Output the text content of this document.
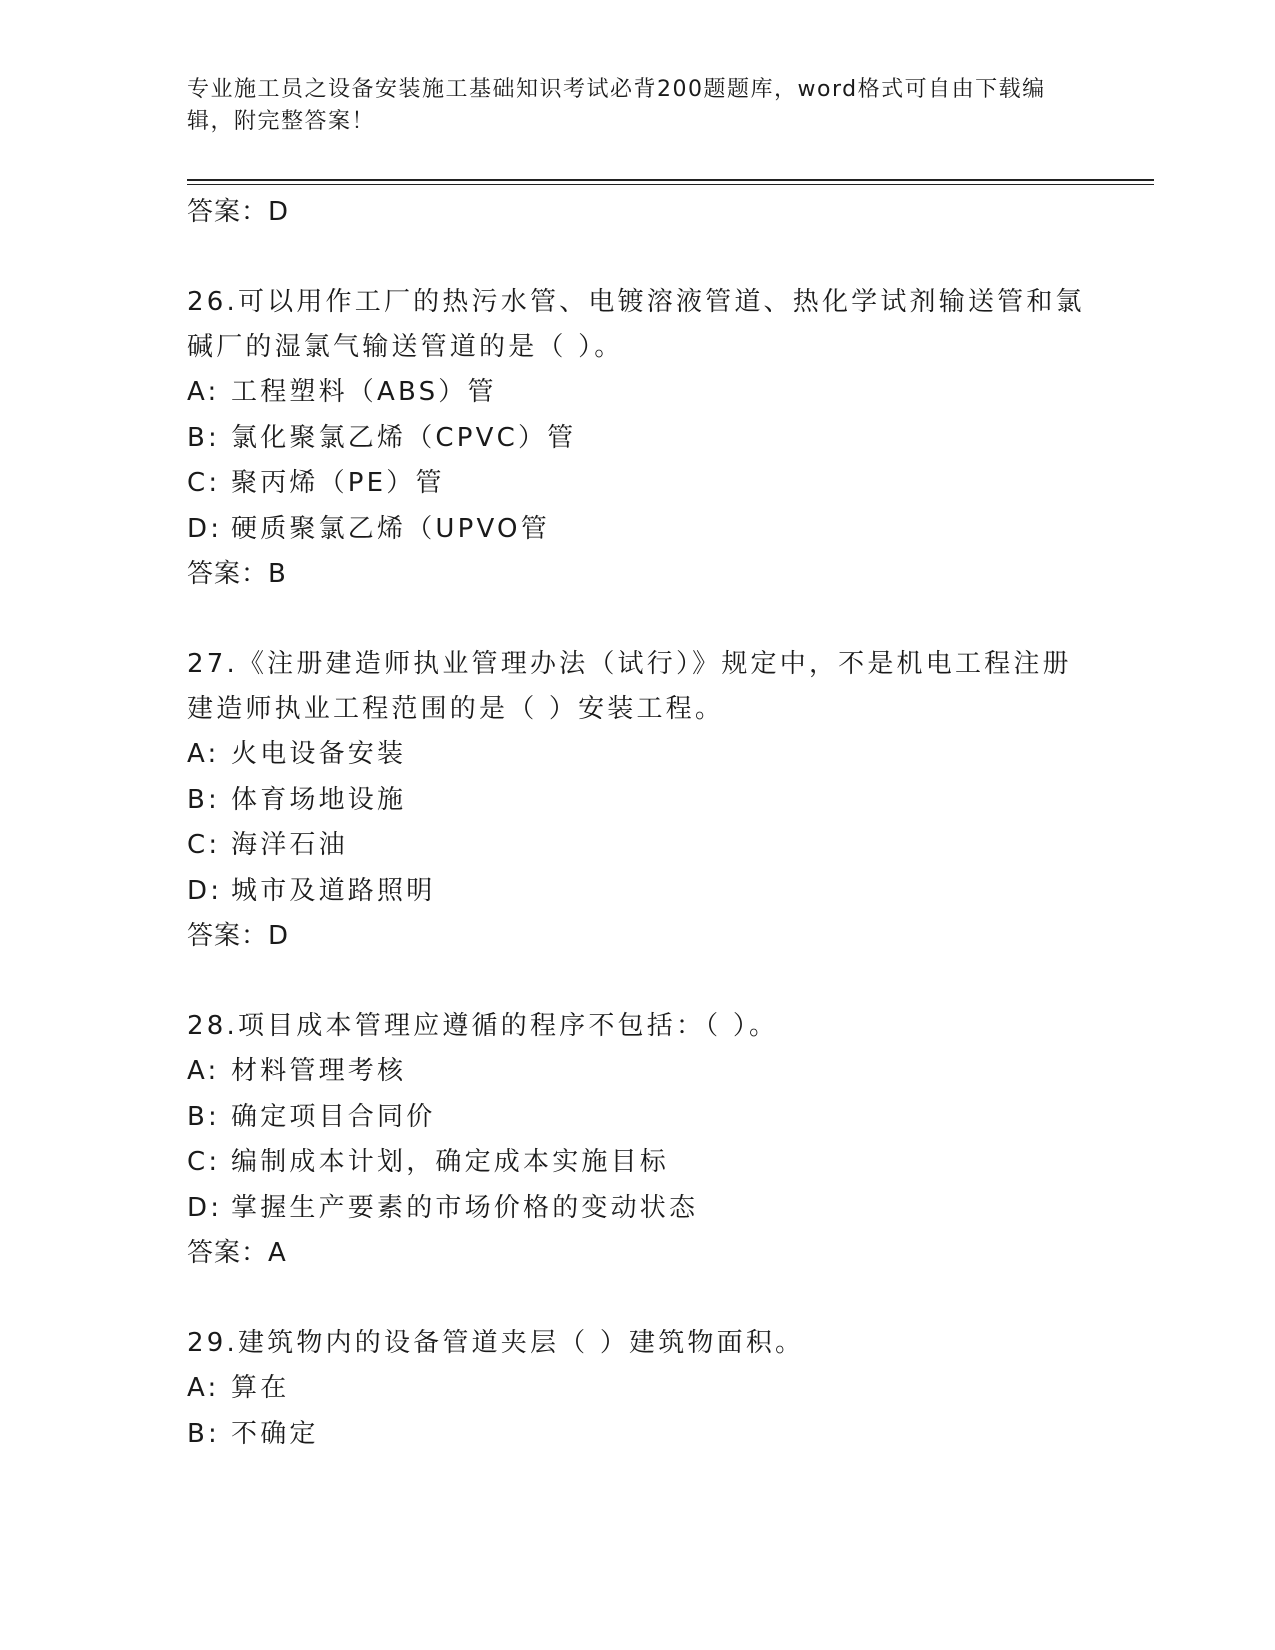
专业施工员之设备安装施工基础知识考试必背200题题库，word格式可自由下载编辑，附完整答案！
答案：D
26.可以用作工厂的热污水管、电镀溶液管道、热化学试剂输送管和氯碱厂的湿氯气输送管道的是（ ）。
A: 工程塑料（ABS）管
B: 氯化聚氯乙烯（CPVC）管
C: 聚丙烯（PE）管
D: 硬质聚氯乙烯（UPVO管
答案：B
27.《注册建造师执业管理办法（试行）》规定中，不是机电工程注册建造师执业工程范围的是（ ）安装工程。
A: 火电设备安装
B: 体育场地设施
C: 海洋石油
D: 城市及道路照明
答案：D
28.项目成本管理应遵循的程序不包括：（ ）。
A: 材料管理考核
B: 确定项目合同价
C: 编制成本计划，确定成本实施目标
D: 掌握生产要素的市场价格的变动状态
答案：A
29.建筑物内的设备管道夹层（ ）建筑物面积。
A: 算在
B: 不确定
